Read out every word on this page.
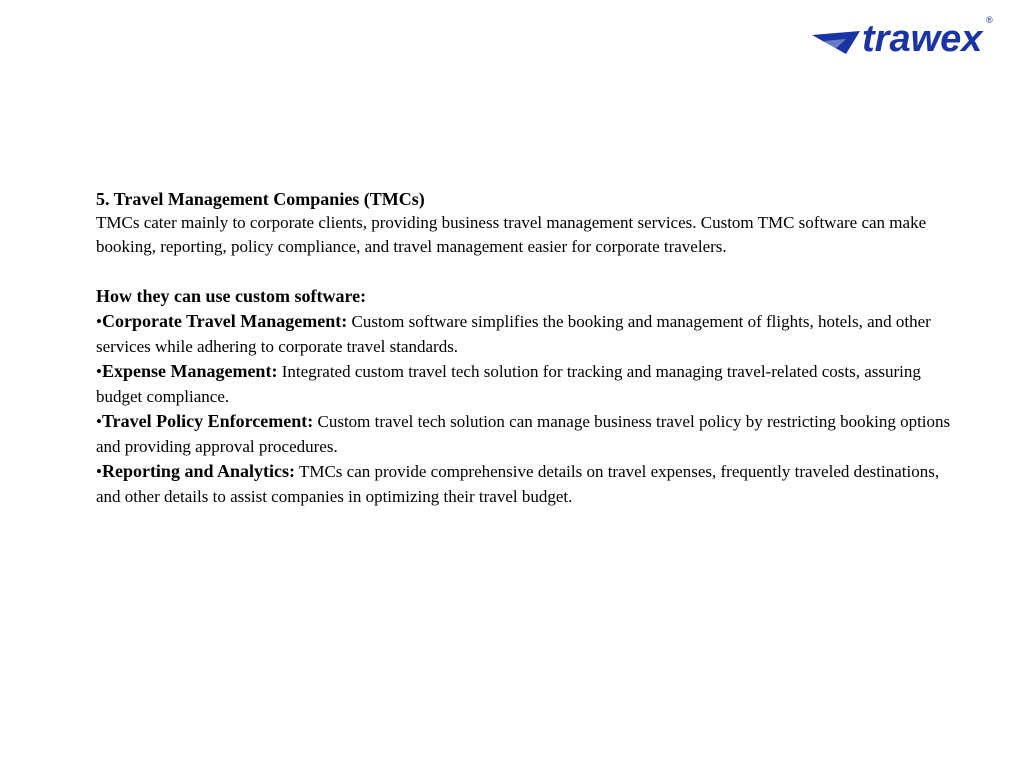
trawex ®
5. Travel Management Companies (TMCs)
TMCs cater mainly to corporate clients, providing business travel management services. Custom TMC software can make booking, reporting, policy compliance, and travel management easier for corporate travelers.
How they can use custom software:
•Corporate Travel Management: Custom software simplifies the booking and management of flights, hotels, and other services while adhering to corporate travel standards.
•Expense Management: Integrated custom travel tech solution for tracking and managing travel-related costs, assuring budget compliance.
•Travel Policy Enforcement: Custom travel tech solution can manage business travel policy by restricting booking options and providing approval procedures.
•Reporting and Analytics: TMCs can provide comprehensive details on travel expenses, frequently traveled destinations, and other details to assist companies in optimizing their travel budget.
